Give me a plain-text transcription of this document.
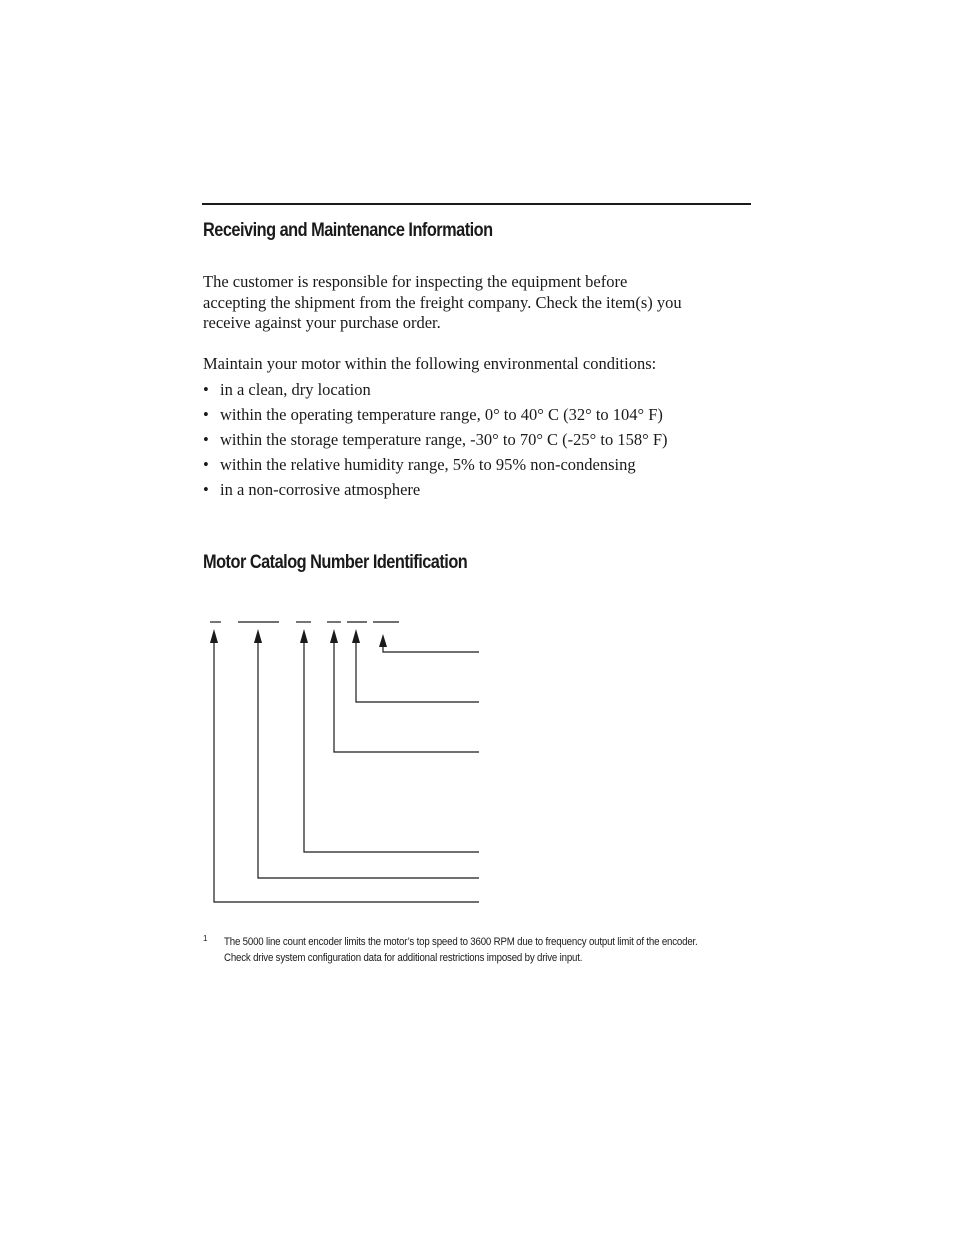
Receiving and Maintenance Information

The customer is responsible for inspecting the equipment before
accepting the shipment from the freight company. Check the item(s) you
receive against your purchase order.

Maintain your motor within the following environmental conditions:

• in a clean, dry location
• within the operating temperature range, 0° to 40° C (32° to 104° F)
• within the storage temperature range, -30° to 70° C (-25° to 158° F)
• within the relative humidity range, 5% to 95% non-condensing
• in a non-corrosive atmosphere
Motor Catalog Number Identification
1 The 5000 line count encoder limits the motor’s top speed to 3600 RPM due to frequency output limit of the encoder.
Check drive system configuration data for additional restrictions imposed by drive input.
